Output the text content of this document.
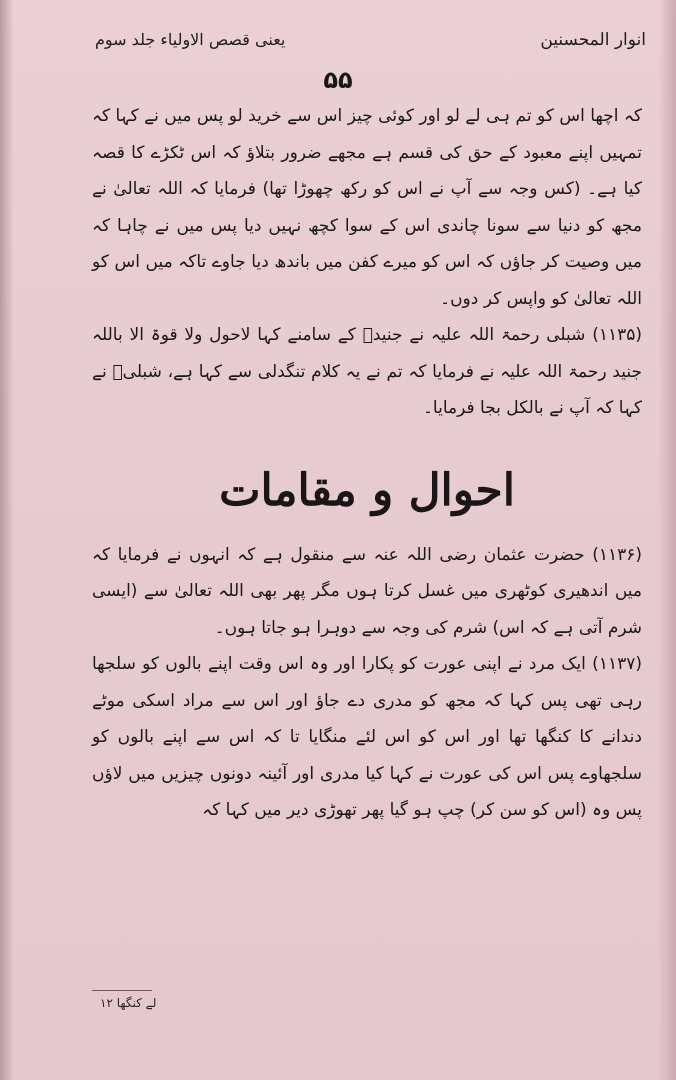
انوار المحسنین
یعنی قصص الاولیاء جلد سوم
۵۵

کہ اچھا اس کو تم ہی لے لو اور کوئی چیز اس سے خرید لو پس میں نے کہا کہ تمہیں اپنے معبود کے حق کی قسم ہے مجھے ضرور بتلاؤ کہ اس ٹکڑے کا قصہ کیا ہے۔ (کس وجہ سے آپ نے اس کو رکھ چھوڑا تھا) فرمایا کہ اللہ تعالیٰ نے مجھ کو دنیا سے سونا چاندی اس کے سوا کچھ نہیں دیا پس میں نے چاہا کہ میں وصیت کر جاؤں کہ اس کو میرے کفن میں باندھ دیا جاوے تاکہ میں اس کو اللہ تعالیٰ کو واپس کر دوں۔

(۱۱۳۵) شبلی رحمۃ اللہ علیہ نے جنیدؒ کے سامنے کہا لاحول ولا قوۃ الا باللہ جنید رحمۃ اللہ علیہ نے فرمایا کہ تم نے یہ کلام تنگدلی سے کہا ہے، شبلیؒ نے کہا کہ آپ نے بالکل بجا فرمایا۔

احوال و مقامات

(۱۱۳۶) حضرت عثمان رضی اللہ عنہ سے منقول ہے کہ انہوں نے فرمایا کہ میں اندھیری کوٹھری میں غسل کرتا ہوں مگر پھر بھی اللہ تعالیٰ سے (ایسی شرم آتی ہے کہ اس) شرم کی وجہ سے دوہرا ہو جاتا ہوں۔

(۱۱۳۷) ایک مرد نے اپنی عورت کو پکارا اور وہ اس وقت اپنے بالوں کو سلجھا رہی تھی پس کہا کہ مجھ کو مدری دے جاؤ اور اس سے مراد اسکی موٹے دندانے کا کنگھا تھا اور اس کو اس لئے منگایا تا کہ اس سے اپنے بالوں کو سلجھاوے پس اس کی عورت نے کہا کیا مدری اور آئینہ دونوں چیزیں میں لاؤں پس وہ (اس کو سن کر) چپ ہو گیا پھر تھوڑی دیر میں کہا کہ

لے کنگھا ۱۲
